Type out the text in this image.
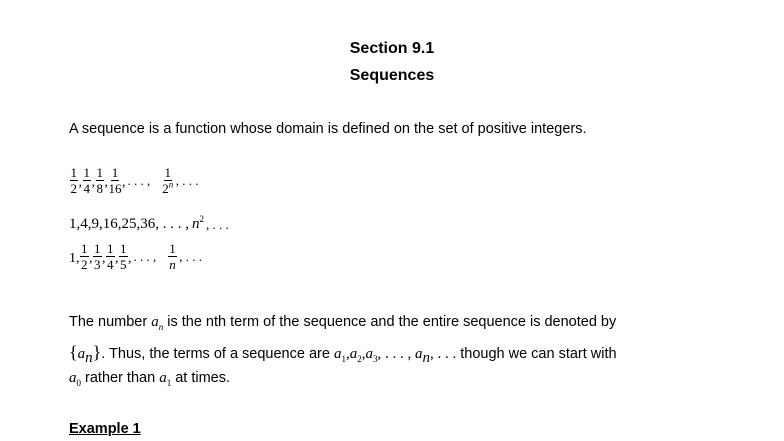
Section 9.1
Sequences
A sequence is a function whose domain is defined on the set of positive integers.
$\frac{1}{2}$ , $\frac{1}{4}$ , $\frac{1}{8}$ , $\frac{1}{16}$ , . . . , $\frac{1}{2^n}$ , . . .
1,4,9,16,25,36, . . . , $n^2$ , . . .
1, $\frac{1}{2}$ , $\frac{1}{3}$ , $\frac{1}{4}$ , $\frac{1}{5}$ , . . . , $\frac{1}{n}$ , . . .
The number $a_n$ is the nth term of the sequence and the entire sequence is denoted by
$\{a_n\}$. Thus, the terms of a sequence are $a_1,a_2,a_3$, . . . , $a_n$, . . . though we can start with
$a_0$ rather than $a_1$ at times.
Example 1
